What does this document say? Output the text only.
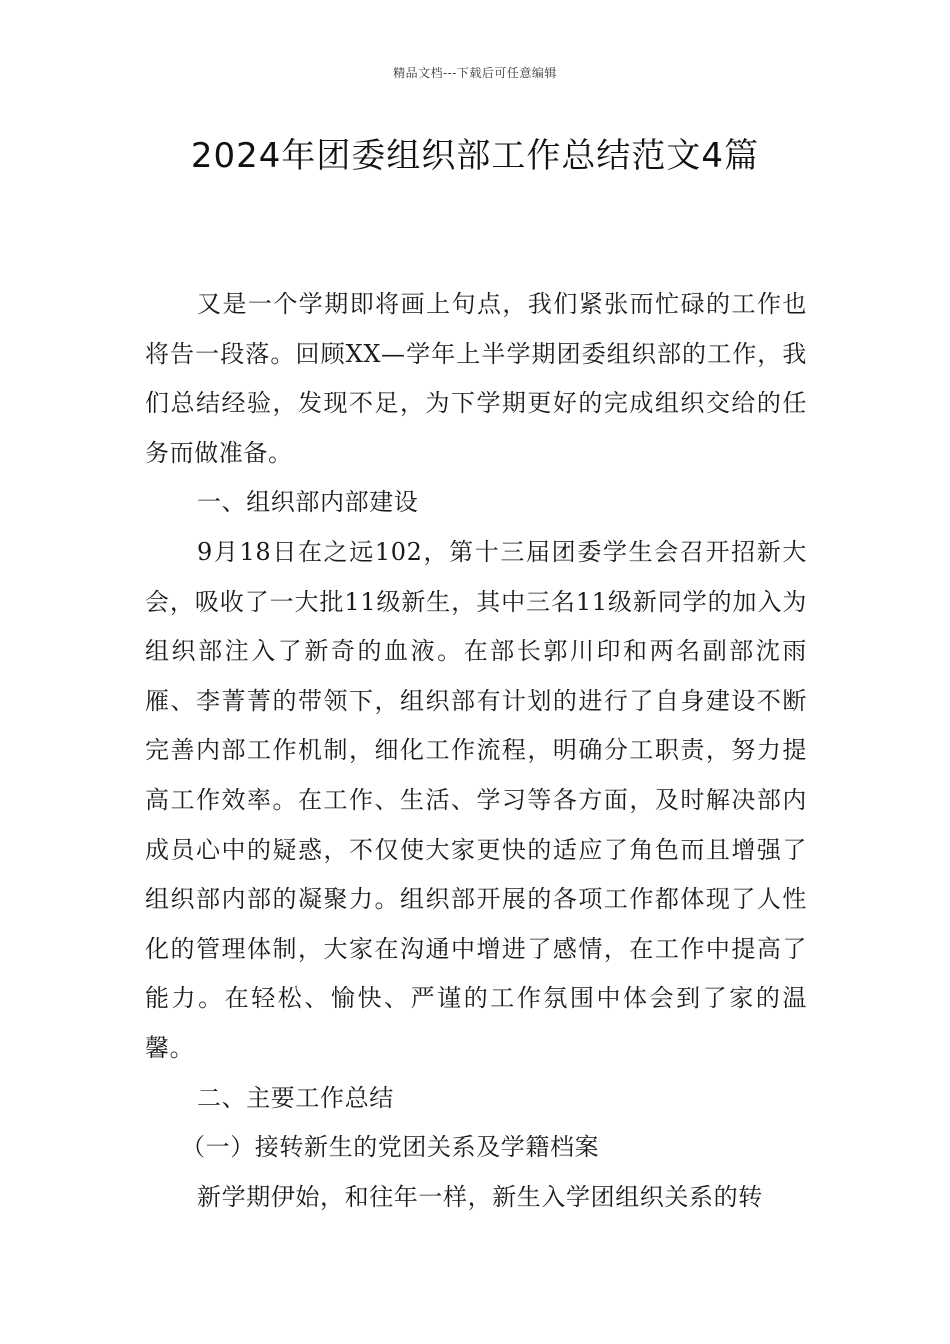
精品文档---下载后可任意编辑
2024年团委组织部工作总结范文4篇

又是一个学期即将画上句点，我们紧张而忙碌的工作也将告一段落。回顾XX—学年上半学期团委组织部的工作，我们总结经验，发现不足，为下学期更好的完成组织交给的任务而做准备。

一、组织部内部建设

9月18日在之远102，第十三届团委学生会召开招新大会，吸收了一大批11级新生，其中三名11级新同学的加入为组织部注入了新奇的血液。在部长郭川印和两名副部沈雨雁、李菁菁的带领下，组织部有计划的进行了自身建设不断完善内部工作机制，细化工作流程，明确分工职责，努力提高工作效率。在工作、生活、学习等各方面，及时解决部内成员心中的疑惑，不仅使大家更快的适应了角色而且增强了组织部内部的凝聚力。组织部开展的各项工作都体现了人性化的管理体制，大家在沟通中增进了感情，在工作中提高了能力。在轻松、愉快、严谨的工作氛围中体会到了家的温馨。

二、主要工作总结

（一）接转新生的党团关系及学籍档案

新学期伊始，和往年一样，新生入学团组织关系的转
